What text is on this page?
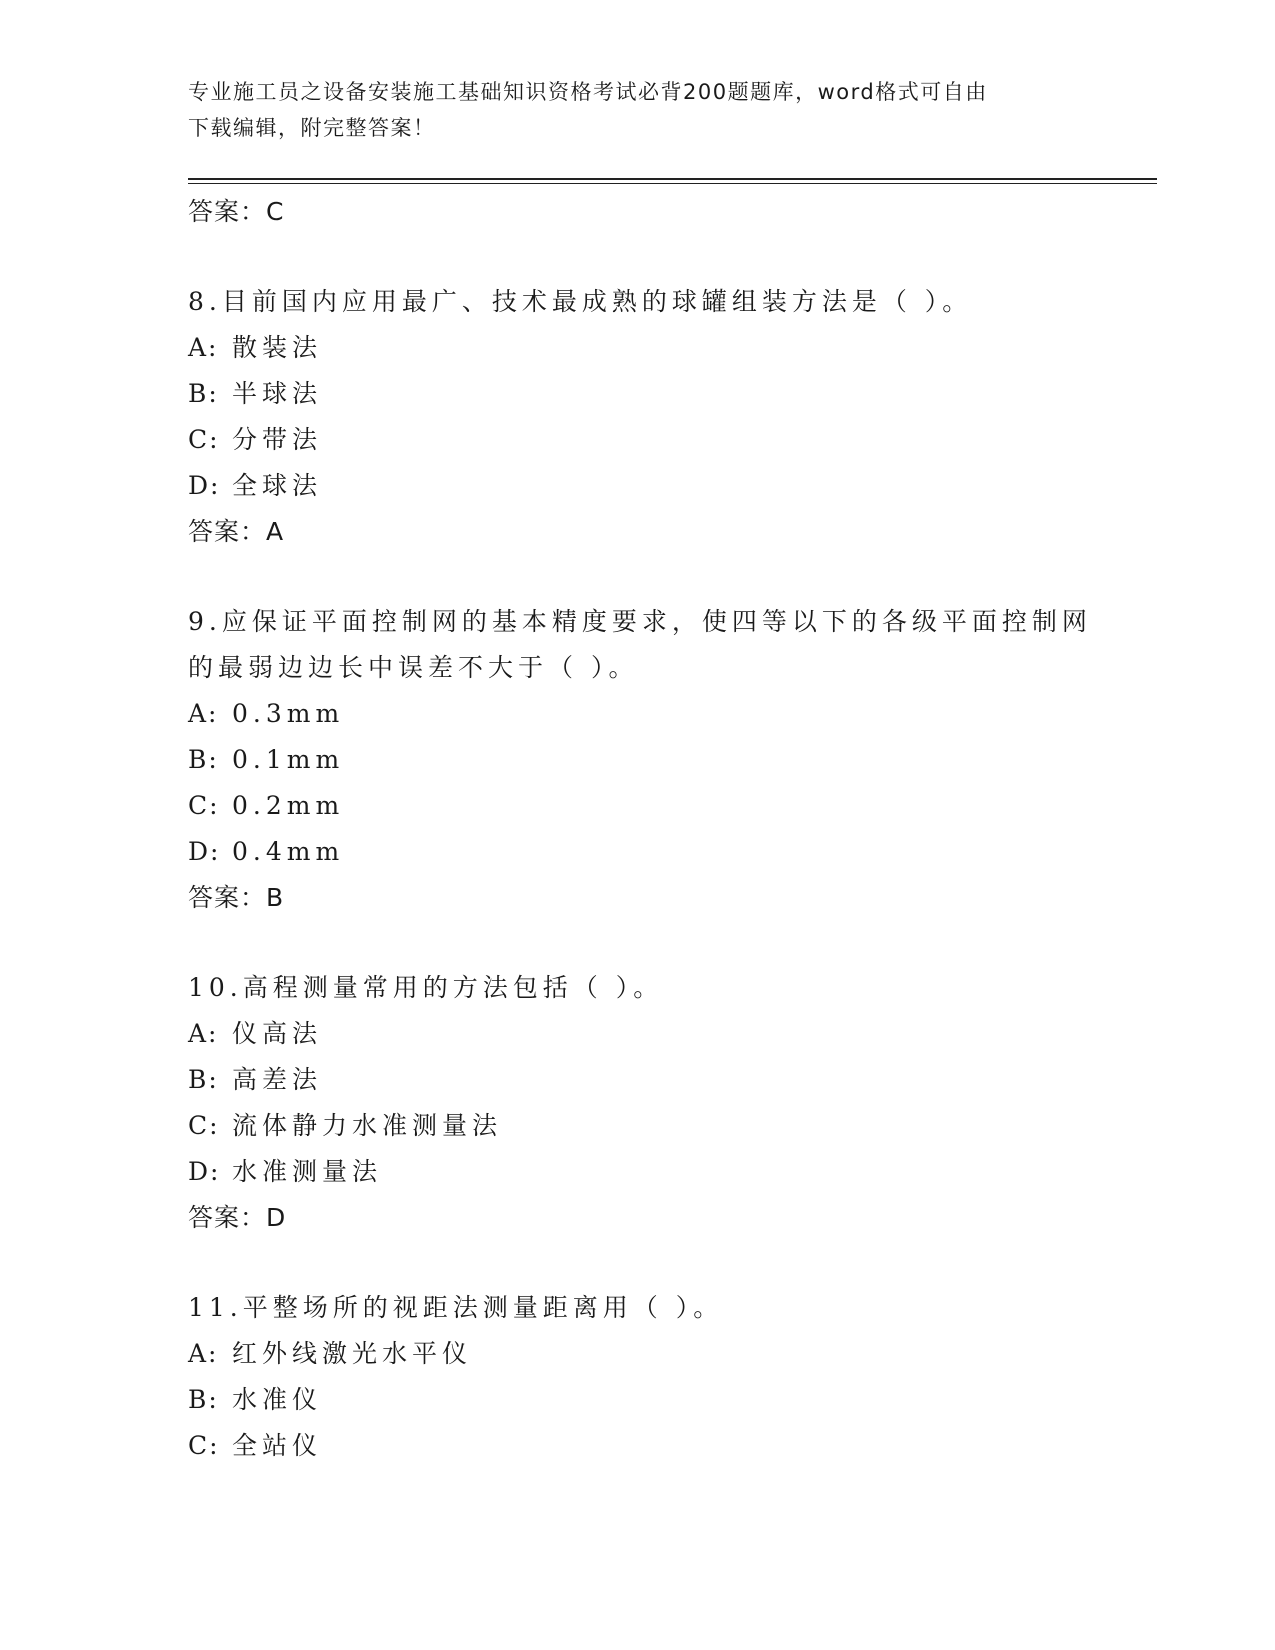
专业施工员之设备安装施工基础知识资格考试必背200题题库，word格式可自由
下载编辑，附完整答案！
答案：C
8.目前国内应用最广、技术最成熟的球罐组装方法是（ ）。
A: 散装法
B: 半球法
C: 分带法
D: 全球法
答案：A
9.应保证平面控制网的基本精度要求，使四等以下的各级平面控制网
的最弱边边长中误差不大于（ ）。
A: 0.3mm
B: 0.1mm
C: 0.2mm
D: 0.4mm
答案：B
10.高程测量常用的方法包括（ ）。
A: 仪高法
B: 高差法
C: 流体静力水准测量法
D: 水准测量法
答案：D
11.平整场所的视距法测量距离用（ ）。
A: 红外线激光水平仪
B: 水准仪
C: 全站仪
